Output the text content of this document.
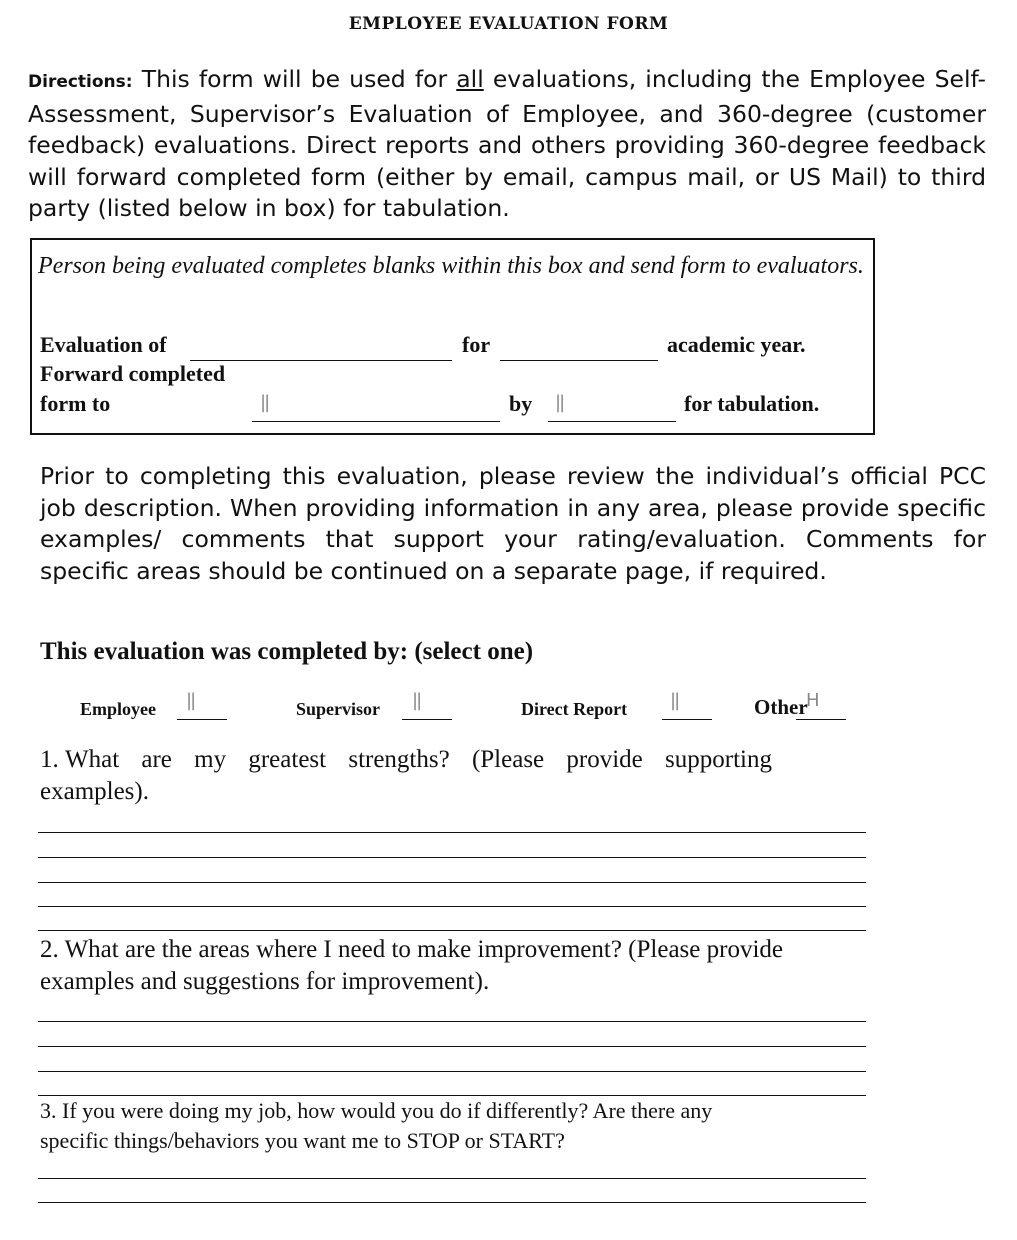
EMPLOYEE EVALUATION FORM
Directions: This form will be used for all evaluations, including the Employee Self-Assessment, Supervisor’s Evaluation of Employee, and 360-degree (customer feedback) evaluations. Direct reports and others providing 360-degree feedback will forward completed form (either by email, campus mail, or US Mail) to third party (listed below in box) for tabulation.
Person being evaluated completes blanks within this box and send form to evaluators.
Evaluation of	for	academic year.
Forward completed
form to	||	by ||	for tabulation.
Prior to completing this evaluation, please review the individual’s official PCC job description. When providing information in any area, please provide specific examples/ comments that support your rating/evaluation. Comments for specific areas should be continued on a separate page, if required.
This evaluation was completed by: (select one)
Employee ||	Supervisor ||	Direct Report ||	Other
H
1. What are my greatest strengths? (Please provide supporting examples).
2. What are the areas where I need to make improvement? (Please provide examples and suggestions for improvement).
3. If you were doing my job, how would you do if differently? Are there any specific things/behaviors you want me to STOP or START?
